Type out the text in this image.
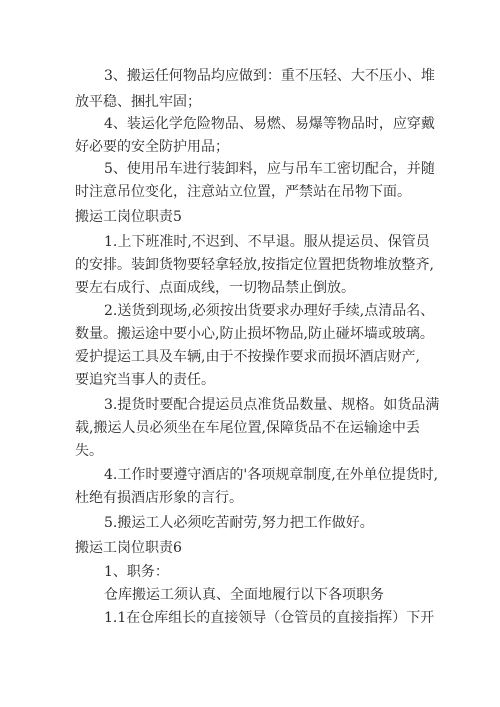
3、搬运任何物品均应做到：重不压轻、大不压小、堆
放平稳、捆扎牢固；
4、装运化学危险物品、易燃、易爆等物品时，应穿戴
好必要的安全防护用品；
5、使用吊车进行装卸料，应与吊车工密切配合，并随
时注意吊位变化，注意站立位置，严禁站在吊物下面。
搬运工岗位职责5
1.上下班准时,不迟到、不早退。服从提运员、保管员
的安排。装卸货物要轻拿轻放,按指定位置把货物堆放整齐,
要左右成行、点面成线，一切物品禁止倒放。
2.送货到现场,必须按出货要求办理好手续,点清品名、
数量。搬运途中要小心,防止损坏物品,防止碰坏墙或玻璃。
爱护提运工具及车辆,由于不按操作要求而损坏酒店财产,
要追究当事人的责任。
3.提货时要配合提运员点准货品数量、规格。如货品满
载,搬运人员必须坐在车尾位置,保障货品不在运输途中丢
失。
4.工作时要遵守酒店的'各项规章制度,在外单位提货时,
杜绝有损酒店形象的言行。
5.搬运工人必须吃苦耐劳,努力把工作做好。
搬运工岗位职责6
1、职务：
仓库搬运工须认真、全面地履行以下各项职务
1.1在仓库组长的直接领导（仓管员的直接指挥）下开
